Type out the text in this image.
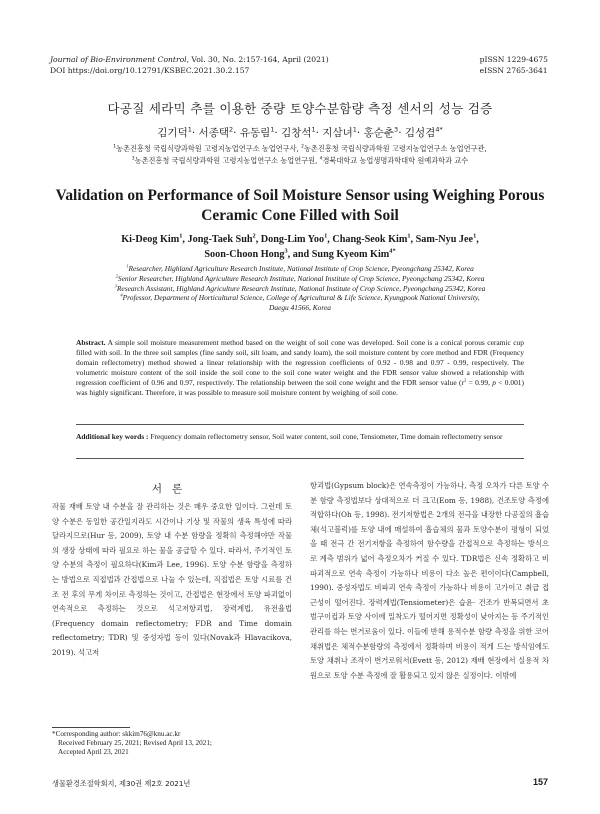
Journal of Bio-Environment Control, Vol. 30, No. 2:157-164, April (2021)
DOI https://doi.org/10.12791/KSBEC.2021.30.2.157
pISSN 1229-4675
eISSN 2765-3641
다공질 세라믹 추를 이용한 중량 토양수분함량 측정 센서의 성능 검증
김기덕$^1$· 서종택$^2$· 유동림$^1$· 김창석$^1$· 지삼녀$^1$· 홍순춘$^3$· 김성겸$^{4*}$
$^1$농촌진흥청 국립식량과학원 고령지농업연구소 농업연구사, $^2$농촌진흥청 국립식량과학원 고령지농업연구소 농업연구관,
$^3$농촌진흥청 국립식량과학원 고령지농업연구소 농업연구원, $^4$경북대학교 농업생명과학대학 원예과학과 교수
Validation on Performance of Soil Moisture Sensor using Weighing Porous
Ceramic Cone Filled with Soil
Ki-Deog Kim$^1$, Jong-Taek Suh$^2$, Dong-Lim Yoo$^1$, Chang-Seok Kim$^1$, Sam-Nyu Jee$^1$,
Soon-Choon Hong$^3$, and Sung Kyeom Kim$^{4*}$
$^1$Researcher, Highland Agriculture Research Institute, National Institute of Crop Science, Pyeongchang 25342, Korea
$^2$Senior Researcher, Highland Agriculture Research Institute, National Institute of Crop Science, Pyeongchang 25342, Korea
$^3$Research Assistant, Highland Agriculture Research Institute, National Institute of Crop Science, Pyeongchang 25342, Korea
$^4$Professor, Department of Horticultural Science, College of Agricultural & Life Science, Kyungpook National University,
Daegu 41566, Korea
Abstract. A simple soil moisture measurement method based on the weight of soil cone was developed. Soil cone is a conical porous ceramic cup filled with soil. In the three soil samples (fine sandy soil, silt loam, and sandy loam), the soil moisture content by core method and FDR (Frequency domain reflectometry) method showed a linear relationship with the regression coefficients of 0.92 - 0.98 and 0.97 - 0.99, respectively. The volumetric moisture content of the soil inside the soil cone to the soil cone water weight and the FDR sensor value showed a relationship with regression coefficient of 0.96 and 0.97, respectively. The relationship between the soil cone weight and the FDR sensor value ($r^2 = 0.99$, p < 0.001) was highly significant. Therefore, it was possible to measure soil moisture content by weighing of soil cone.
Additional key words : Frequency domain reflectometry sensor, Soil water content, soil cone, Tensiometer, Time domain reflectometry sensor
서론
작물 재배 토양 내 수분을 잘 관리하는 것은 매우 중요한 일이다. 그런데 토양 수분은 동일한 공간일지라도 시간이나 기상 및 작물의 생육 특성에 따라 달라지므로(Hur 등, 2009), 토양 내 수분 함량을 정확히 측정해야만 작물의 생장 상태에 따라 필요로 하는 물을 공급할 수 있다. 따라서, 주기적인 토양 수분의 측정이 필요하다(Kim과 Lee, 1996). 토양 수분 함량을 측정하는 방법으로 직접법과 간접법으로 나눌 수 있는데, 직접법은 토양 시료를 건조 전 후의 무게 차이로 측정하는 것이고, 간접법은 현장에서 토양 파괴없이 연속적으로 측정하는 것으로 석고저항괴법, 장력계법, 유전율법(Frequency domain reflectometry; FDR and Time domain reflectometry; TDR) 및 중성자법 등이 있다(Novak과 Hlavacikova, 2019). 석고저
항괴법(Gypsum block)은 연속측정이 가능하나, 측정 오차가 다른 토양 수분 함량 측정법보다 상대적으로 더 크고(Eom 등, 1988), 건조토양 측정에 적합하다(Oh 등, 1998). 전기저항법은 2개의 전극을 내장한 다공질의 흡습체(석고블럭)를 토양 내에 매설하여 흡습체의 물과 토양수분이 평형이 되었을 때 전극 간 전기저항을 측정하여 함수량을 간접적으로 측정하는 방식으로 계측 범위가 넓어 측정오차가 커질 수 있다. TDR법은 신속 정확하고 비파괴적으로 연속 측정이 가능하나 비용이 다소 높은 편이이다(Campbell, 1990). 중성자법도 비파괴 연속 측정이 가능하나 비용이 고가이고 취급 접근성이 떨어진다. 장력계법(Tensiometer)은 습윤· 건조가 반복되면서 초벌구이컵과 토양 사이에 밀착도가 떨어지면 정확성이 낮아지는 등 주기적인 관리를 하는 번거로움이 있다. 이들에 반해 용적수분 함량 측정을 위한 코어 채취법은 체적수분함량의 측정에서 정확하며 비용이 적게 드는 방식임에도 토양 채취나 조작이 번거로워서(Evett 등, 2012) 재배 현장에서 실용적 차원으로 토양 수분 측정에 잘 활용되고 있지 않은 실정이다. 이밖에
*Corresponding author: skkim76@knu.ac.kr
Received February 25, 2021; Revised April 13, 2021;
Accepted April 23, 2021
생물환경조절학회지, 제30권 제2호 2021년	157
